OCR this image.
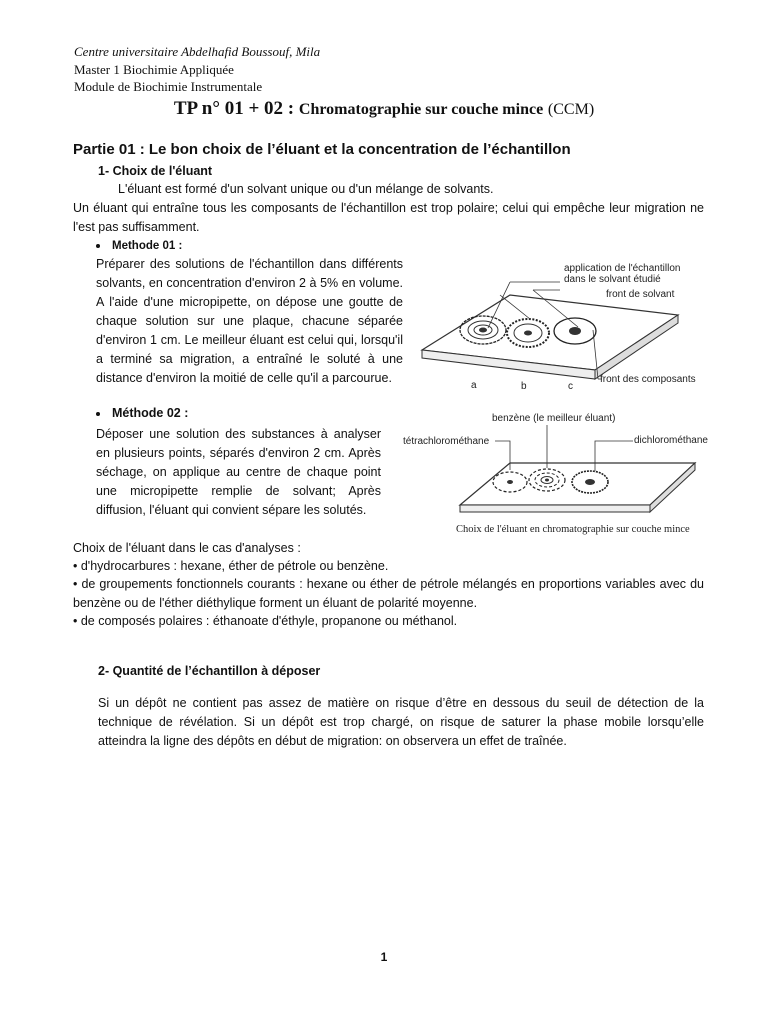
Centre universitaire Abdelhafid Boussouf, Mila
Master 1 Biochimie Appliquée
Module de Biochimie Instrumentale
TP n° 01 + 02 : Chromatographie sur couche mince (CCM)
Partie 01 : Le bon choix de l’éluant et la concentration de l’échantillon
1- Choix de l'éluant
L'éluant est formé d'un solvant unique ou d'un mélange de solvants.
Un éluant qui entraîne tous les composants de l'échantillon est trop polaire; celui qui empêche leur migration ne l'est pas suffisamment.
Methode 01 :
Préparer des solutions de l'échantillon dans différents solvants, en concentration d'environ 2 à 5% en volume. A l'aide d'une micropipette, on dépose une goutte de chaque solution sur une plaque, chacune séparée d'environ 1 cm. Le meilleur éluant est celui qui, lorsqu'il a terminé sa migration, a entraîné le soluté à une distance d'environ la moitié de celle qu'il a parcourue.
Méthode 02 :
Déposer une solution des substances à analyser en plusieurs points, séparés d'environ 2 cm. Après séchage, on applique au centre de chaque point une micropipette remplie de solvant; Après diffusion, l'éluant qui convient sépare les solutés.
application de l'échantillon
dans le solvant étudié
front de solvant
front des composants
a	b	c
benzène (le meilleur éluant)
tétrachlorométhane	dichlorométhane
Choix de l'éluant en chromatographie sur couche mince
Choix de l'éluant dans le cas d'analyses :
• d'hydrocarbures : hexane, éther de pétrole ou benzène.
• de groupements fonctionnels courants : hexane ou éther de pétrole mélangés en proportions variables avec du benzène ou de l'éther diéthylique forment un éluant de polarité moyenne.
• de composés polaires : éthanoate d'éthyle, propanone ou méthanol.
2- Quantité de l’échantillon à déposer
Si un dépôt ne contient pas assez de matière on risque d’être en dessous du seuil de détection de la technique de révélation. Si un dépôt est trop chargé, on risque de saturer la phase mobile lorsqu’elle atteindra la ligne des dépôts en début de migration: on observera un effet de traînée.
1
